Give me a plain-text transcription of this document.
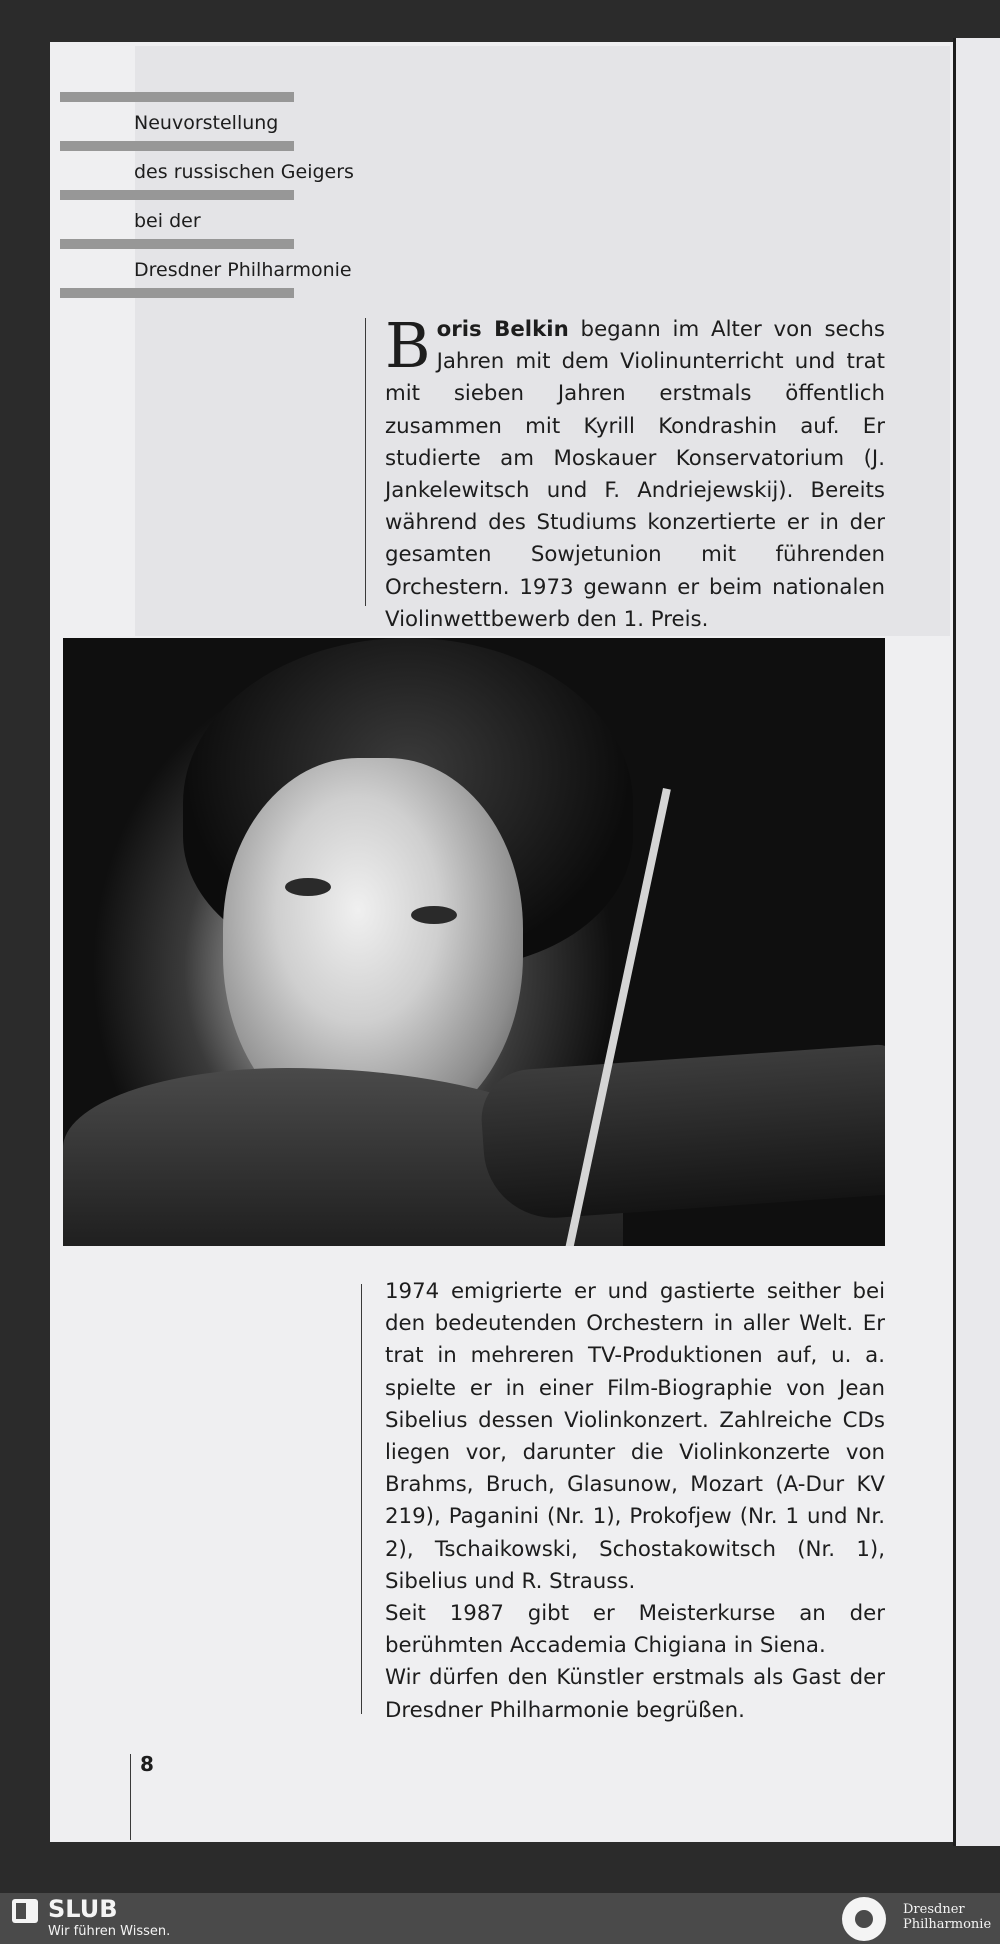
Neuvorstellung
des russischen Geigers
bei der
Dresdner Philharmonie
Boris Belkin begann im Alter von sechs Jahren mit dem Violinunterricht und trat mit sieben Jahren erstmals öffentlich zusammen mit Kyrill Kondrashin auf. Er studierte am Moskauer Konservatorium (J. Jankelewitsch und F. Andriejewskij). Bereits während des Studiums konzertierte er in der gesamten Sowjetunion mit führenden Orchestern. 1973 gewann er beim nationalen Violinwettbewerb den 1. Preis.

1974 emigrierte er und gastierte seither bei den bedeutenden Orchestern in aller Welt. Er trat in mehreren TV-Produktionen auf, u. a. spielte er in einer Film-Biographie von Jean Sibelius dessen Violinkonzert. Zahlreiche CDs liegen vor, darunter die Violinkonzerte von Brahms, Bruch, Glasunow, Mozart (A-Dur KV 219), Paganini (Nr. 1), Prokofjew (Nr. 1 und Nr. 2), Tschaikowski, Schostakowitsch (Nr. 1), Sibelius und R. Strauss.

Seit 1987 gibt er Meisterkurse an der berühmten Accademia Chigiana in Siena.

Wir dürfen den Künstler erstmals als Gast der Dresdner Philharmonie begrüßen.

8
SLUB
Wir führen Wissen.
Dresdner
Philharmonie
